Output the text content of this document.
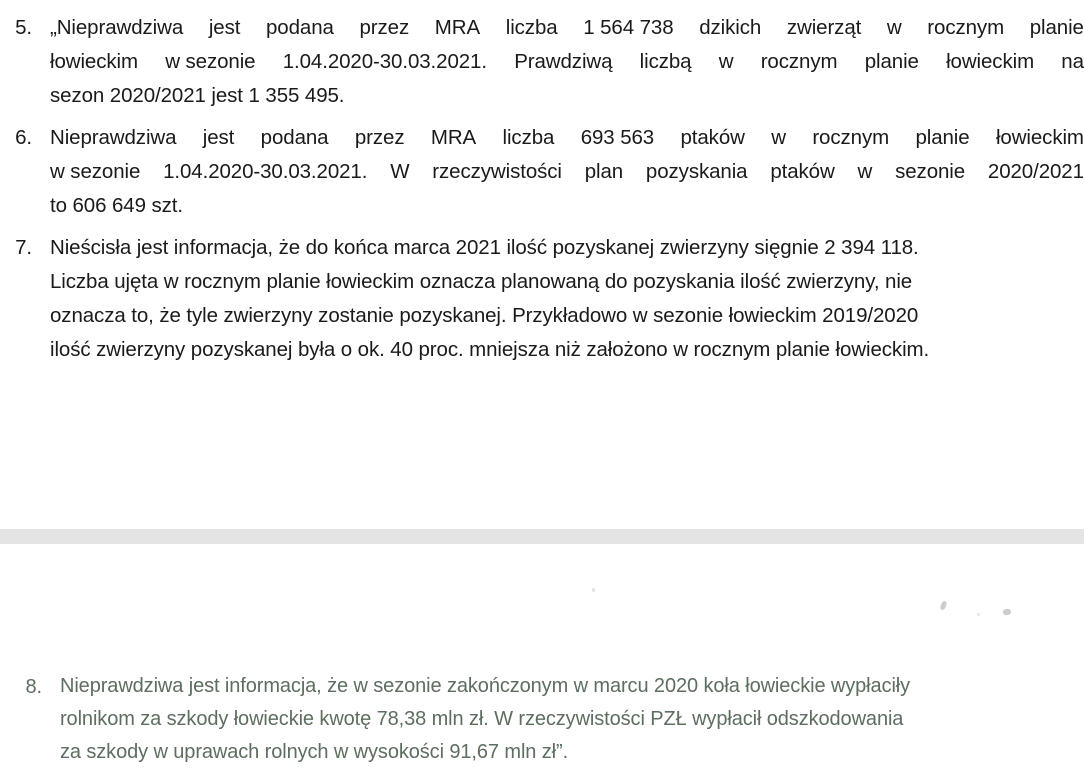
5. „Nieprawdziwa jest podana przez MRA liczba 1 564 738 dzikich zwierząt w rocznym planie
łowieckim w sezonie 1.04.2020-30.03.2021. Prawdziwą liczbą w rocznym planie łowieckim na
sezon 2020/2021 jest 1 355 495.
6. Nieprawdziwa jest podana przez MRA liczba 693 563 ptaków w rocznym planie łowieckim
w sezonie 1.04.2020-30.03.2021. W rzeczywistości plan pozyskania ptaków w sezonie 2020/2021
to 606 649 szt.
7. Nieścisła jest informacja, że do końca marca 2021 ilość pozyskanej zwierzyny sięgnie 2 394 118.
Liczba ujęta w rocznym planie łowieckim oznacza planowaną do pozyskania ilość zwierzyny, nie
oznacza to, że tyle zwierzyny zostanie pozyskanej. Przykładowo w sezonie łowieckim 2019/2020
ilość zwierzyny pozyskanej była o ok. 40 proc. mniejsza niż założono w rocznym planie łowieckim.
8. Nieprawdziwa jest informacja, że w sezonie zakończonym w marcu 2020 koła łowieckie wypłaciły
rolnikom za szkody łowieckie kwotę 78,38 mln zł. W rzeczywistości PZŁ wypłacił odszkodowania
za szkody w uprawach rolnych w wysokości 91,67 mln zł”.
